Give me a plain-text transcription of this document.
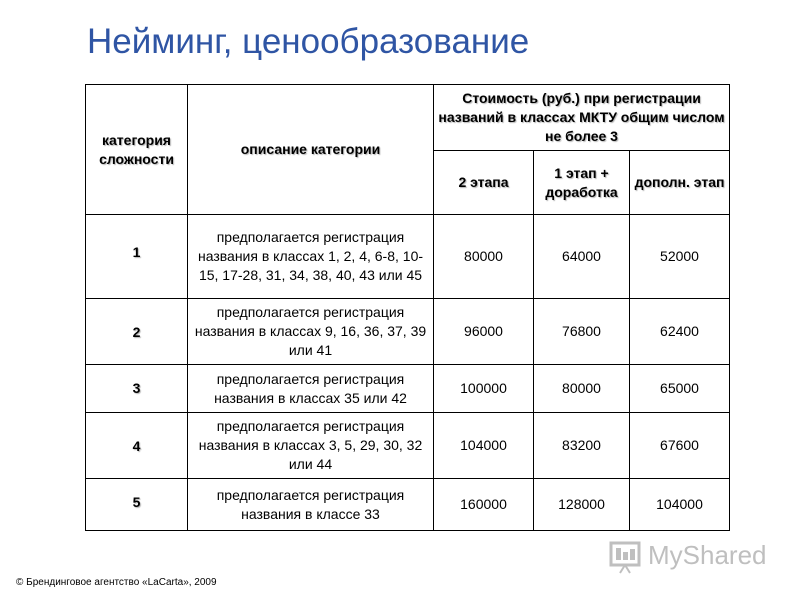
Нейминг, ценообразование
категория сложности	описание категории	Стоимость (руб.) при регистрации названий в классах МКТУ общим числом не более 3		
		2 этапа	1 этап + доработка	дополн. этап
1	предполагается регистрация названия в классах 1, 2, 4, 6-8, 10-15, 17-28, 31, 34, 38, 40, 43 или 45	80000	64000	52000
2	предполагается регистрация названия в классах 9, 16, 36, 37, 39 или 41	96000	76800	62400
3	предполагается регистрация названия в классах 35 или 42	100000	80000	65000
4	предполагается регистрация названия в классах 3, 5, 29, 30, 32 или 44	104000	83200	67600
5	предполагается регистрация названия в классе 33	160000	128000	104000
© Брендинговое агентство «LaCarta», 2009
MyShared
